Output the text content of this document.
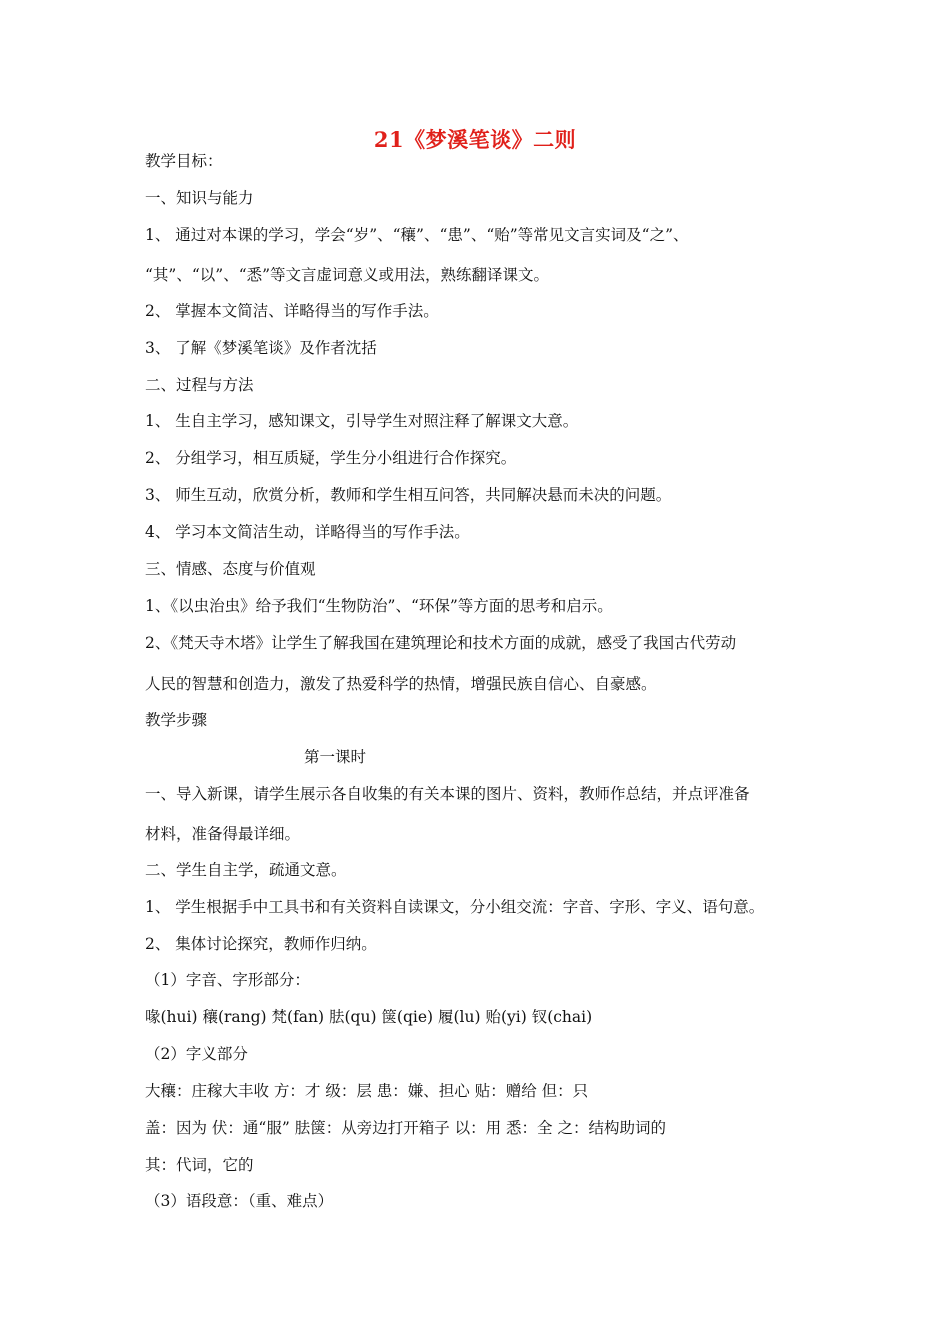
21《梦溪笔谈》二则
教学目标：
一、知识与能力
1、 通过对本课的学习，学会“岁”、“穰”、“患”、“贻”等常见文言实词及“之”、
“其”、“以”、“悉”等文言虚词意义或用法，熟练翻译课文。
2、 掌握本文简洁、详略得当的写作手法。
3、 了解《梦溪笔谈》及作者沈括
二、过程与方法
1、 生自主学习，感知课文，引导学生对照注释了解课文大意。
2、 分组学习，相互质疑，学生分小组进行合作探究。
3、 师生互动，欣赏分析，教师和学生相互问答，共同解决悬而未决的问题。
4、 学习本文简洁生动，详略得当的写作手法。
三、情感、态度与价值观
1、《以虫治虫》给予我们“生物防治”、“环保”等方面的思考和启示。
2、《梵天寺木塔》让学生了解我国在建筑理论和技术方面的成就，感受了我国古代劳动
人民的智慧和创造力，激发了热爱科学的热情，增强民族自信心、自豪感。
教学步骤
第一课时
一、导入新课，请学生展示各自收集的有关本课的图片、资料，教师作总结，并点评准备
材料，准备得最详细。
二、学生自主学，疏通文意。
1、 学生根据手中工具书和有关资料自读课文，分小组交流：字音、字形、字义、语句意。
2、 集体讨论探究，教师作归纳。
（1）字音、字形部分：
喙(hui) 穰(rang) 梵(fan) 胠(qu) 箧(qie) 履(lu) 贻(yi) 钗(chai)
（2）字义部分
大穰：庄稼大丰收 方：才 级：层 患：嫌、担心 贴：赠给 但：只
盖：因为 伏：通“服” 胠箧：从旁边打开箱子 以：用 悉：全 之：结构助词的
其：代词，它的
（3）语段意：（重、难点）
